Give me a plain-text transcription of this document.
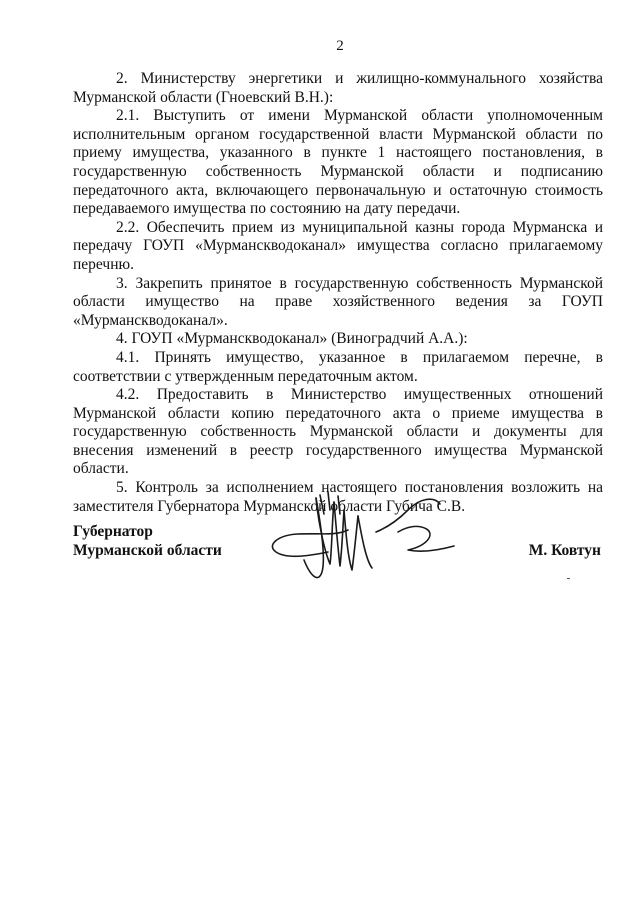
2

2. Министерству энергетики и жилищно-коммунального хозяйства Мурманской области (Гноевский В.Н.):

2.1. Выступить от имени Мурманской области уполномоченным исполнительным органом государственной власти Мурманской области по приему имущества, указанного в пункте 1 настоящего постановления, в государственную собственность Мурманской области и подписанию передаточного акта, включающего первоначальную и остаточную стоимость передаваемого имущества по состоянию на дату передачи.

2.2. Обеспечить прием из муниципальной казны города Мурманска и передачу ГОУП «Мурманскводоканал» имущества согласно прилагаемому перечню.

3. Закрепить принятое в государственную собственность Мурманской области имущество на праве хозяйственного ведения за ГОУП «Мурманскводоканал».

4. ГОУП «Мурманскводоканал» (Виноградчий А.А.):

4.1. Принять имущество, указанное в прилагаемом перечне, в соответствии с утвержденным передаточным актом.

4.2. Предоставить в Министерство имущественных отношений Мурманской области копию передаточного акта о приеме имущества в государственную собственность Мурманской области и документы для внесения изменений в реестр государственного имущества Мурманской области.

5. Контроль за исполнением настоящего постановления возложить на заместителя Губернатора Мурманской области Губича С.В.

Губернатор
Мурманской области	М. Ковтун
